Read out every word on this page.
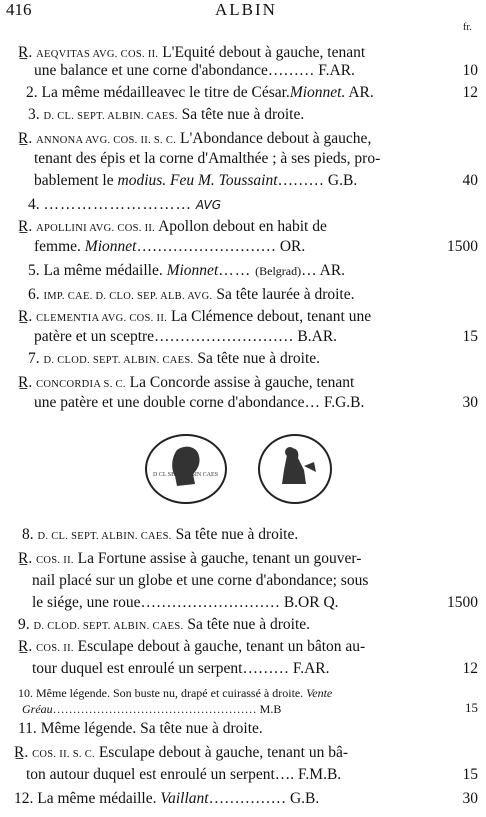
416	ALBIN
fr.
R̲. AEQVITAS AVG. COS. II. L'Equité debout à gauche, tenant
une balance et une corne d'abondance……… F.AR.	10
2. La même médailleavec le titre de César.Mionnet. AR.	12
3. D. CL. SEPT. ALBIN. CAES. Sa tête nue à droite.
R̲. ANNONA AVG. COS. II. S. C. L'Abondance debout à gauche,
tenant des épis et la corne d'Amalthée ; à ses pieds, pro-
bablement le modius. Feu M. Toussaint……… G.B.	40
4. ……………………… AVG
R̲. APOLLINI AVG. COS. II. Apollon debout en habit de
femme. Mionnet……………………… OR.	1500
5. La même médaille. Mionnet…… (Belgrad)… AR.
6. IMP. CAE. D. CLO. SEP. ALB. AVG. Sa tête laurée à droite.
R̲. CLEMENTIA AVG. COS. II. La Clémence debout, tenant une
patère et un sceptre……………………… B.AR.	15
7. D. CLOD. SEPT. ALBIN. CAES. Sa tête nue à droite.
R̲. CONCORDIA S. C. La Concorde assise à gauche, tenant
une patère et une double corne d'abondance… F.G.B.	30
D CL SEPT ALBIN CAES
8. D. CL. SEPT. ALBIN. CAES. Sa tête nue à droite.
R̲. COS. II. La Fortune assise à gauche, tenant un gouver-
nail placé sur un globe et une corne d'abondance; sous
le siége, une roue……………………… B.OR Q.	1500
9. D. CLOD. SEPT. ALBIN. CAES. Sa tête nue à droite.
R̲. COS. II. Esculape debout à gauche, tenant un bâton au-
tour duquel est enroulé un serpent……… F.AR.	12
10. Même légende. Son buste nu, drapé et cuirassé à droite. Vente
Gréau…………………………………………… M.B	15
11. Même légende. Sa tête nue à droite.
R̲. COS. II. S. C. Esculape debout à gauche, tenant un bâ-
ton autour duquel est enroulé un serpent…. F.M.B.	15
12. La même médaille. Vaillant…………… G.B.	30
